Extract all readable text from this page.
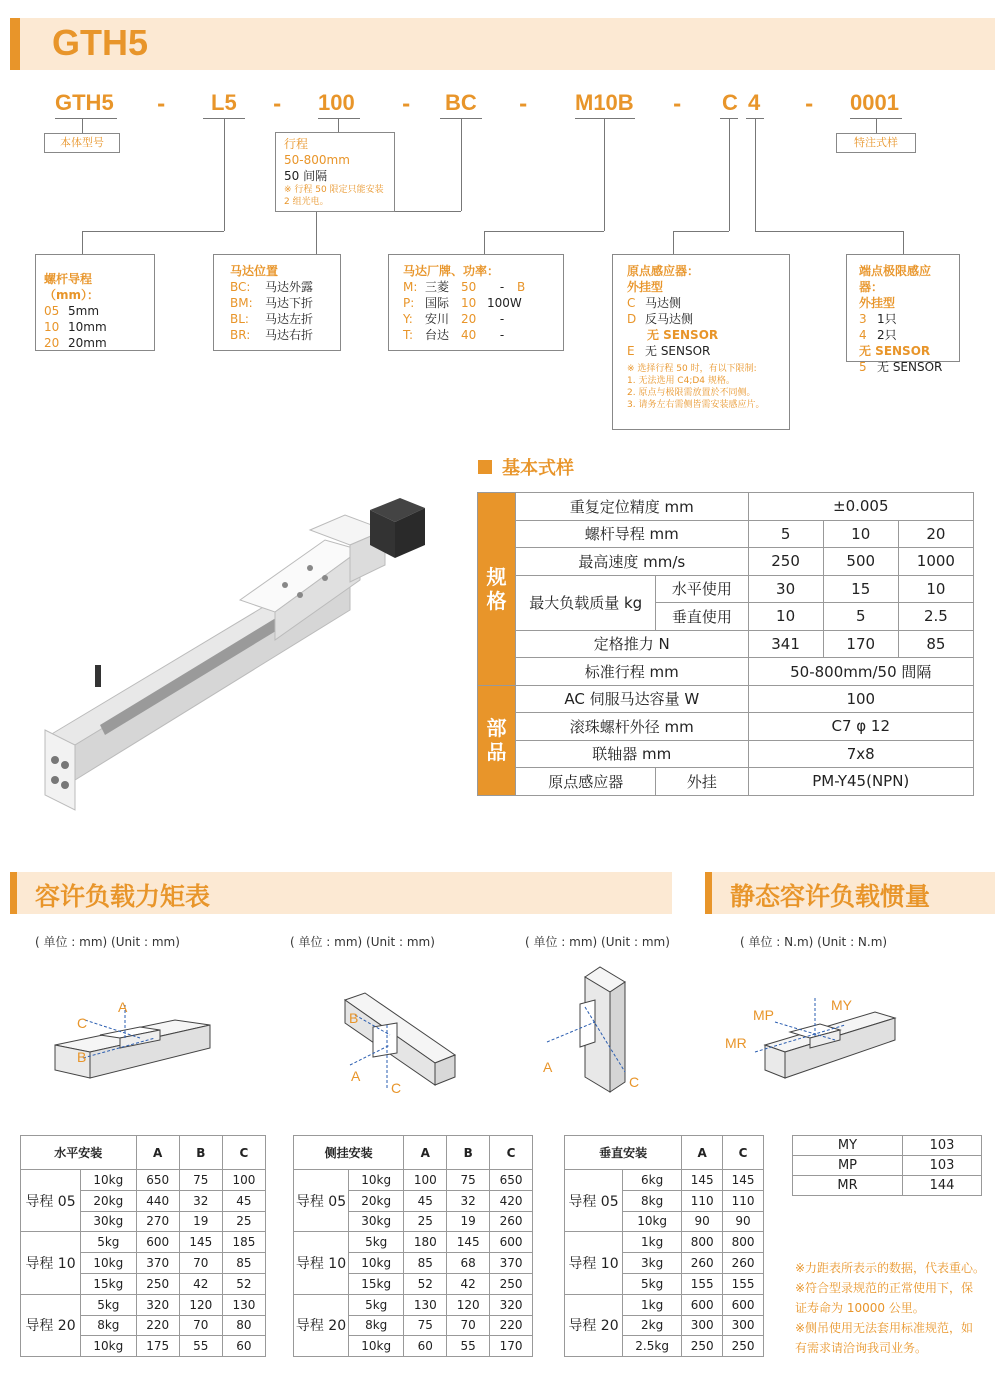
GTH5
GTH5 - L5 - 100 - BC - M10B - C 4 - 0001
本体型号	特注式样
行程
50-800mm
50 间隔
※ 行程 50 限定只能安装 2 组光电。
螺杆导程（mm）：
05 5mm
10 10mm
20 20mm
马达位置
BC: 马达外露
BM: 马达下折
BL: 马达左折
BR: 马达右折
马达厂牌、功率：
M: 三菱 50 - B
P: 国际 10 100W
Y: 安川 20 -
T: 台达 40 -
原点感应器：
外挂型
C 马达侧
D 反马达侧
无 SENSOR
E 无 SENSOR
※ 选择行程 50 时，有以下限制:
1. 无法选用 C4;D4 规格。
2. 原点与极限需放置於不同侧。
3. 请务左右需侧皆需安装感应片。
端点极限感应器：
外挂型
3 1只
4 2只
无 SENSOR
5 无 SENSOR
基本式样
规格	重复定位精度 mm		±0.005		
	螺杆导程 mm		5	10	20
	最高速度 mm/s		250	500	1000
	最大负载质量 kg	水平使用	30	15	10
		垂直使用	10	5	2.5
	定格推力 N		341	170	85
	标准行程 mm		50-800mm/50 間隔		
部品	AC 伺服马达容量 W		100		
	滚珠螺杆外径 mm		C7 φ 12		
	联轴器 mm		7x8		
	原点感应器	外挂	PM-Y45(NPN)		
容许负载力矩表	静态容许负载惯量
( 单位 : mm) (Unit : mm)	( 单位 : mm) (Unit : mm)	( 单位 : mm) (Unit : mm)	( 单位 : N.m) (Unit : N.m)
A
C
B
B
A
C
A
C
MP
MY
MR
水平安装		A	B	C
导程 05	10kg	650	75	100
	20kg	440	32	45
	30kg	270	19	25
导程 10	5kg	600	145	185
	10kg	370	70	85
	15kg	250	42	52
导程 20	5kg	320	120	130
	8kg	220	70	80
	10kg	175	55	60
侧挂安装		A	B	C
导程 05	10kg	100	75	650
	20kg	45	32	420
	30kg	25	19	260
导程 10	5kg	180	145	600
	10kg	85	68	370
	15kg	52	42	250
导程 20	5kg	130	120	320
	8kg	75	70	220
	10kg	60	55	170
垂直安装		A	C
导程 05	6kg	145	145
	8kg	110	110
	10kg	90	90
导程 10	1kg	800	800
	3kg	260	260
	5kg	155	155
导程 20	1kg	600	600
	2kg	300	300
	2.5kg	250	250
MY	103
MP	103
MR	144
※力距表所表示的数据，代表重心。
※符合型录规范的正常使用下，保
证寿命为 10000 公里。
※侧吊使用无法套用标准规范，如
有需求请洽询我司业务。
